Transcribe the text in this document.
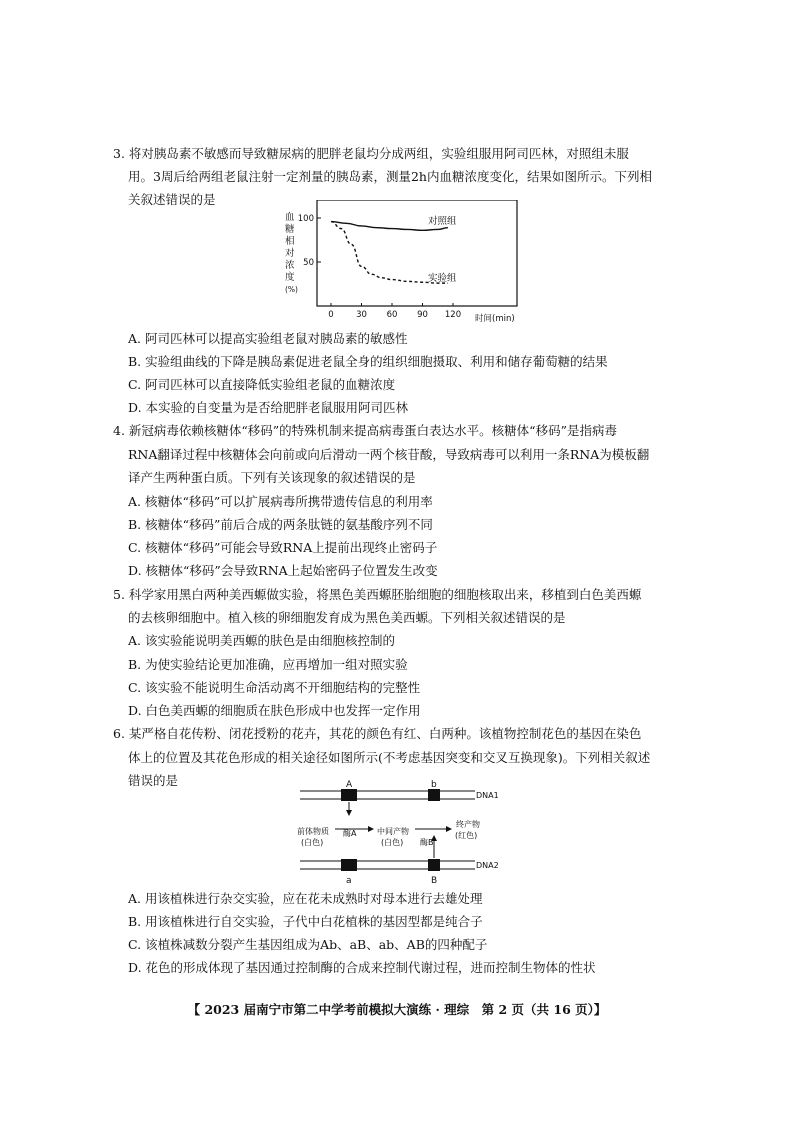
3. 将对胰岛素不敏感而导致糖尿病的肥胖老鼠均分成两组，实验组服用阿司匹林，对照组未服
用。3周后给两组老鼠注射一定剂量的胰岛素，测量2h内血糖浓度变化，结果如图所示。下列相
关叙述错误的是
血
糖
相
对
浓
度
(%)
100
50
0	30 60 90 120
对照组
实验组
时间(min)
A. 阿司匹林可以提高实验组老鼠对胰岛素的敏感性
B. 实验组曲线的下降是胰岛素促进老鼠全身的组织细胞摄取、利用和储存葡萄糖的结果
C. 阿司匹林可以直接降低实验组老鼠的血糖浓度
D. 本实验的自变量为是否给肥胖老鼠服用阿司匹林
4. 新冠病毒依赖核糖体“移码”的特殊机制来提高病毒蛋白表达水平。核糖体“移码”是指病毒
RNA翻译过程中核糖体会向前或向后滑动一两个核苷酸，导致病毒可以利用一条RNA为模板翻
译产生两种蛋白质。下列有关该现象的叙述错误的是
A. 核糖体“移码”可以扩展病毒所携带遗传信息的利用率
B. 核糖体“移码”前后合成的两条肽链的氨基酸序列不同
C. 核糖体“移码”可能会导致RNA上提前出现终止密码子
D. 核糖体“移码”会导致RNA上起始密码子位置发生改变
5. 科学家用黑白两种美西螈做实验，将黑色美西螈胚胎细胞的细胞核取出来，移植到白色美西螈
的去核卵细胞中。植入核的卵细胞发育成为黑色美西螈。下列相关叙述错误的是
A. 该实验能说明美西螈的肤色是由细胞核控制的
B. 为使实验结论更加准确，应再增加一组对照实验
C. 该实验不能说明生命活动离不开细胞结构的完整性
D. 白色美西螈的细胞质在肤色形成中也发挥一定作用
6. 某严格自花传粉、闭花授粉的花卉，其花的颜色有红、白两种。该植物控制花色的基因在染色
体上的位置及其花色形成的相关途径如图所示(不考虑基因突变和交叉互换现象)。下列相关叙述
错误的是	A	b
DNA1
a	B
DNA2
酶A
前体物质
(白色)
中间产物
(白色) 酶B
终产物
(红色)
A. 用该植株进行杂交实验，应在花未成熟时对母本进行去雄处理
B. 用该植株进行自交实验，子代中白花植株的基因型都是纯合子
C. 该植株减数分裂产生基因组成为Ab、aB、ab、AB的四种配子
D. 花色的形成体现了基因通过控制酶的合成来控制代谢过程，进而控制生物体的性状
【 2023 届南宁市第二中学考前模拟大演练 · 理综　第 2 页（共 16 页）】
